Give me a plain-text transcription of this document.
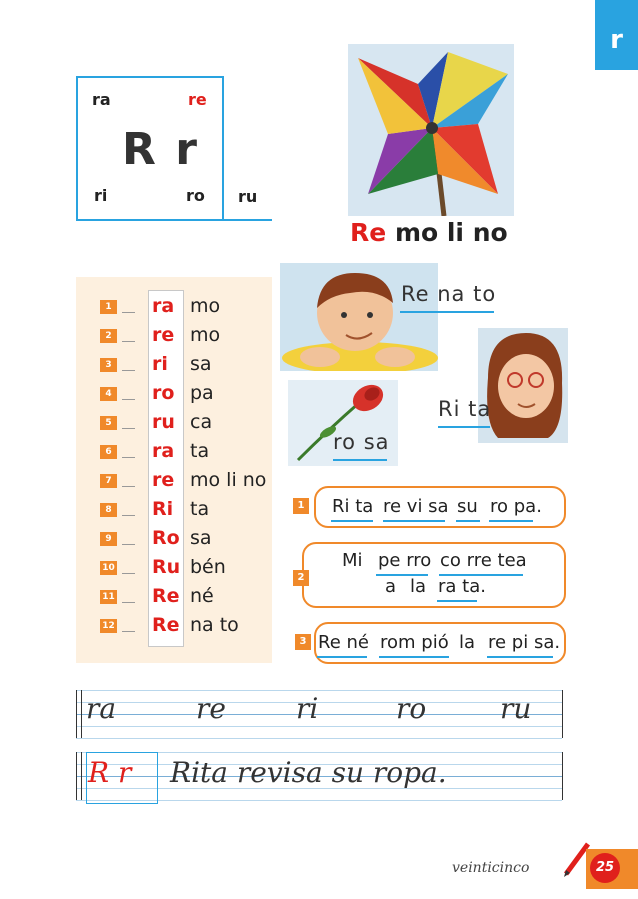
r
ra	re
R r
ri	ro ru
Re mo li no
1 ra mo
2 re mo
3 ri sa
4 ro pa
5 ru ca
6 ra ta
7 re mo li no
8 Ri ta
9 Ro sa
10 Ru bén
11 Re né
12 Re na to
Re na to
Ri ta
ro sa
1 Ri ta re vi sa su ro pa.
2
Mi pe rro co rre tea
a la ra ta.
3 Re né rom pió la re pi sa.
ra	re	ri	ro	ru
R r Rita revisa su ropa.
veinticinco	25
